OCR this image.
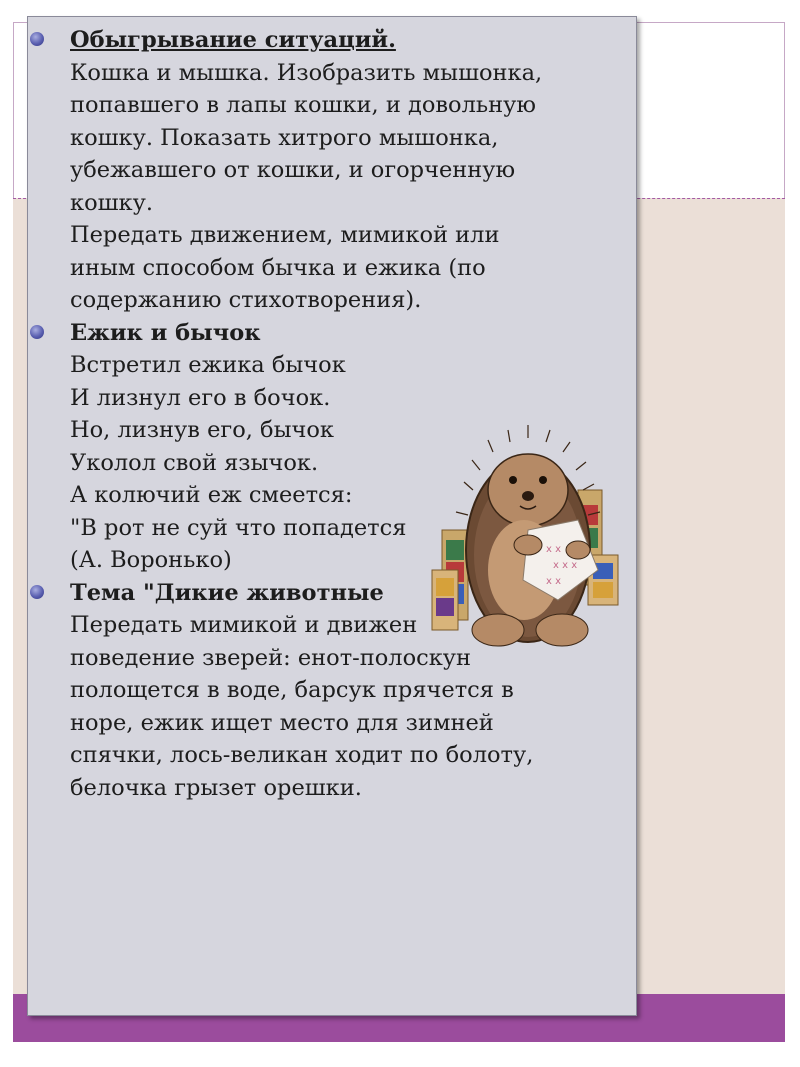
Обыгрывание ситуаций.
Кошка и мышка. Изобразить мышонка,
попавшего в лапы кошки, и довольную
кошку. Показать хитрого мышонка,
убежавшего от кошки, и огорченную
кошку.
Передать движением, мимикой или
иным способом бычка и ежика (по
содержанию стихотворения).
Ежик и бычок
Встретил ежика бычок
И лизнул его в бочок.
Но, лизнув его, бычок
Уколол свой язычок.
А колючий еж смеется:
"В рот не суй что попадется
(А. Воронько)
Тема "Дикие животные
Передать мимикой и движен
поведение зверей: енот-полоскун
полощется в воде, барсук прячется в
норе, ежик ищет место для зимней
спячки, лось-великан ходит по болоту,
белочка грызет орешки.
x x
x x x
x x
